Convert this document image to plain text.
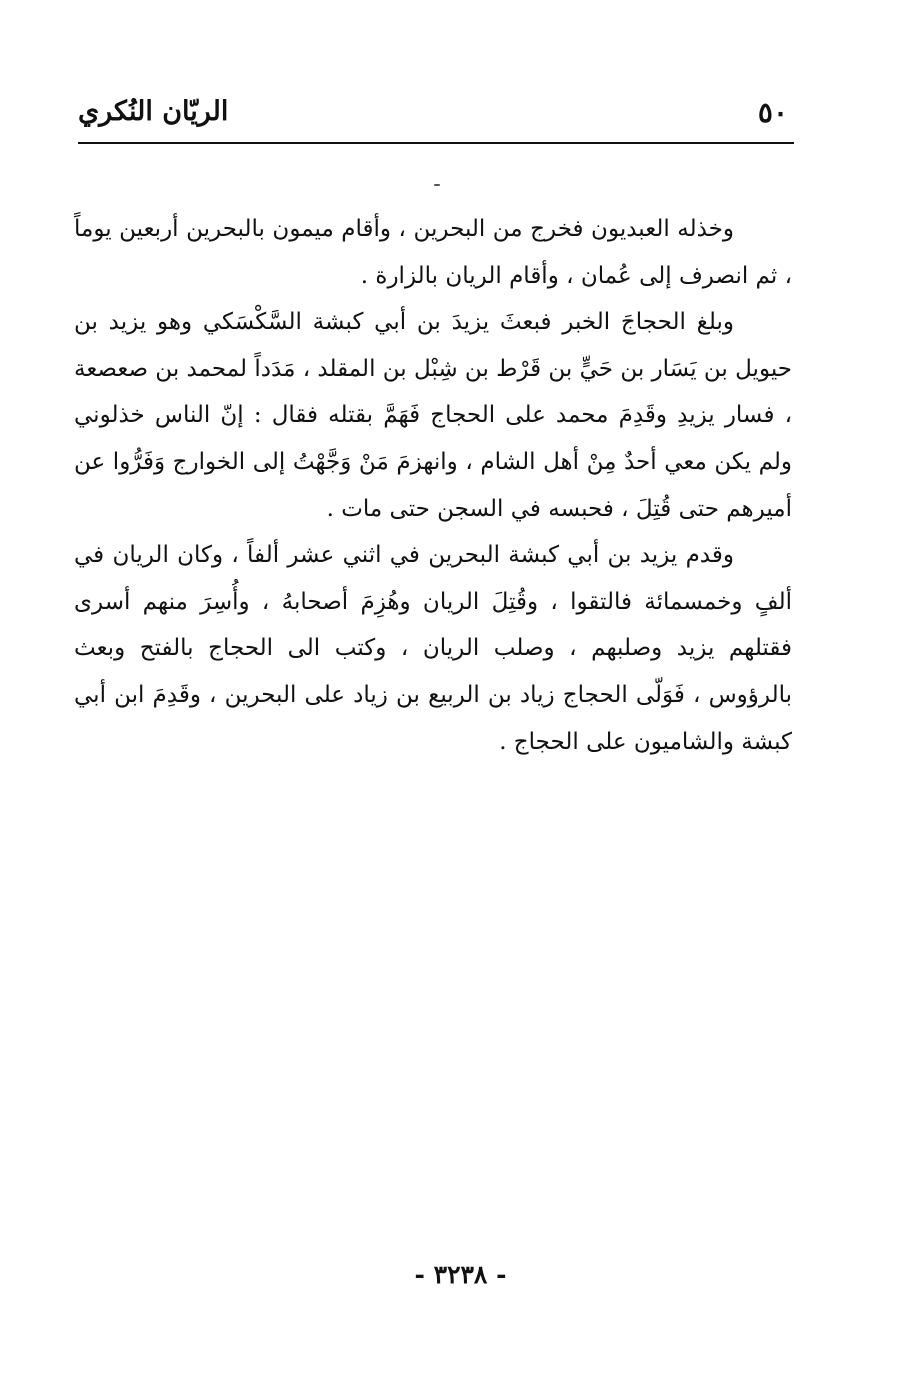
٥٠
الريّان النُكري

وخذله العبديون فخرج من البحرين ، وأقام ميمون بالبحرين أربعين يوماً ، ثم انصرف إلى عُمان ، وأقام الريان بالزارة .

وبلغ الحجاجَ الخبر فبعثَ يزيدَ بن أبي كبشة السَّكْسَكي وهو يزيد بن حيويل بن يَسَار بن حَيٍّ بن قَرْط بن شِبْل بن المقلد ، مَدَداً لمحمد بن صعصعة ، فسار يزيدِ وقَدِمَ محمد على الحجاج فَهَمَّ بقتله فقال : إنّ الناس خذلوني ولم يكن معي أحدٌ مِنْ أهل الشام ، وانهزمَ مَنْ وَجَّهْتُ إلى الخوارج وَفَرُّوا عن أميرهم حتى قُتِلَ ، فحبسه في السجن حتى مات .

وقدم يزيد بن أبي كبشة البحرين في اثني عشر ألفاً ، وكان الريان في ألفٍ وخمسمائة فالتقوا ، وقُتِلَ الريان وهُزِمَ أصحابهُ ، وأُسِرَ منهم أسرى فقتلهم يزيد وصلبهم ، وصلب الريان ، وكتب الى الحجاج بالفتح وبعث بالرؤوس ، فَوَلّى الحجاج زياد بن الربيع بن زياد على البحرين ، وقَدِمَ ابن أبي كبشة والشاميون على الحجاج .

- ٣٢٣٨ -
